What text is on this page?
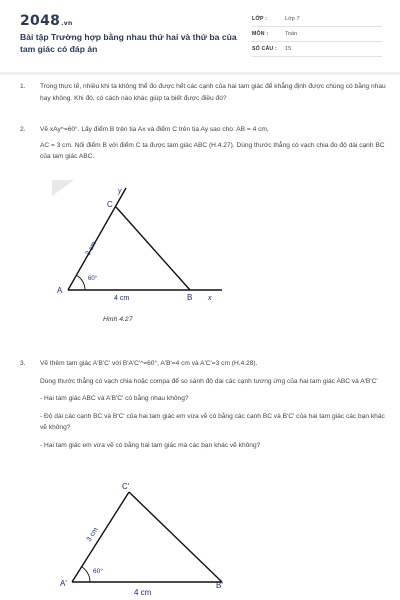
2048.vn
Bài tập Trường hợp bằng nhau thứ hai và thứ ba của tam giác có đáp án
LỚP :	Lớp 7
MÔN :	Toán
SỐ CÂU : 15
1. Trong thực tế, nhiều khi ta không thể đo được hết các cạnh của hai tam giác để khẳng định được chúng có bằng nhau hay không. Khi đó, có cách nào khác giúp ta biết được điều đó?

2. Vẽ xAy^=60°. Lấy điểm B trên tia Ax và điểm C trên tia Ay sao cho: AB = 4 cm,

AC = 3 cm. Nối điểm B với điểm C ta được tam giác ABC (H.4.27). Dùng thước thẳng có vạch chia đo độ dài cạnh BC của tam giác ABC.

y
C
A
B x
4 cm
3 cm
60°
Hình 4.27
3. Vẽ thêm tam giác A'B'C' với B'A'C'^=60°, A'B'=4 cm và A'C'=3 cm (H.4.28).

Dùng thước thẳng có vạch chia hoặc compa để so sánh độ dài các cạnh tương ứng của hai tam giác ABC và A'B'C'

- Hai tam giác ABC và A'B'C' có bằng nhau không?

- Độ dài các cạnh BC và B'C' của hai tam giác em vừa vẽ có bằng các cạnh BC và B'C' của hai tam giác các bạn khác vẽ không?

- Hai tam giác em vừa vẽ có bằng hai tam giác mà các bạn khác vẽ không?

C'
A'	B'
4 cm
3 cm
60°
